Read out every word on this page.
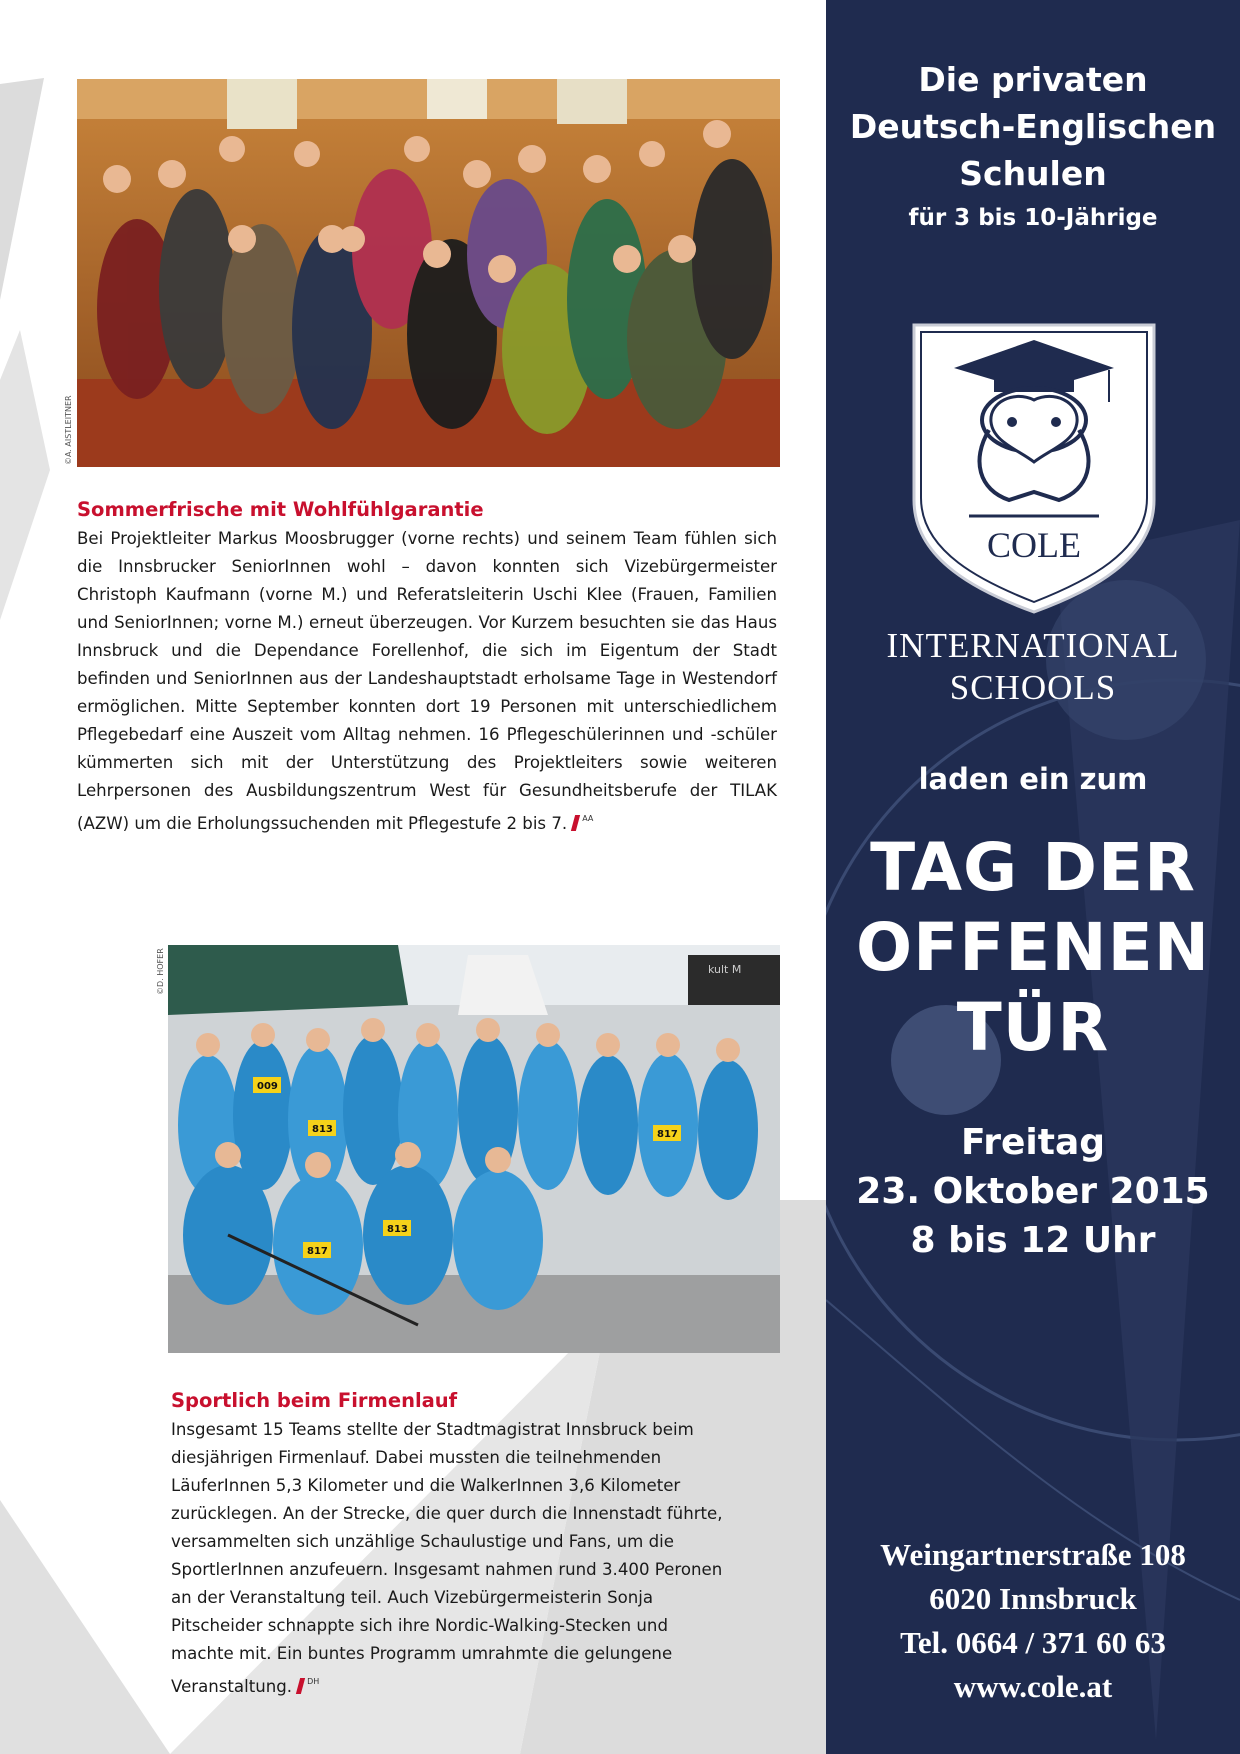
©A. AISTLEITNER
Sommerfrische mit Wohlfühlgarantie

Bei Projektleiter Markus Moosbrugger (vorne rechts) und seinem Team fühlen sich die Innsbrucker SeniorInnen wohl – davon konnten sich Vizebürgermeister Christoph Kaufmann (vorne M.) und Referatsleiterin Uschi Klee (Frauen, Familien und SeniorInnen; vorne M.) erneut überzeugen. Vor Kurzem besuchten sie das Haus Innsbruck und die Dependance Forellenhof, die sich im Eigentum der Stadt befinden und SeniorInnen aus der Landeshauptstadt erholsame Tage in Westendorf ermöglichen. Mitte September konnten dort 19 Personen mit unterschiedlichem Pflegebedarf eine Auszeit vom Alltag nehmen. 16 Pflegeschülerinnen und -schüler kümmerten sich mit der Unterstützung des Projektleiters sowie weiteren Lehrpersonen des Ausbildungszentrum West für Gesundheitsberufe der TILAK (AZW) um die Erholungssuchenden mit Pflegestufe 2 bis 7. $^{AA}$

kult M
009
813	817
813
817
©D. HOFER
Sportlich beim Firmenlauf

Insgesamt 15 Teams stellte der Stadtmagistrat Innsbruck beim diesjährigen Firmenlauf. Dabei mussten die teilnehmenden LäuferInnen 5,3 Kilometer und die WalkerInnen 3,6 Kilometer zurücklegen. An der Strecke, die quer durch die Innenstadt führte, versammelten sich unzählige Schaulustige und Fans, um die SportlerInnen anzufeuern. Insgesamt nahmen rund 3.400 Peronen an der Veranstaltung teil. Auch Vizebürgermeisterin Sonja Pitscheider schnappte sich ihre Nordic-Walking-Stecken und machte mit. Ein buntes Programm umrahmte die gelungene Veranstaltung. $^{DH}$

Die privaten
Deutsch-Englischen
Schulen
für 3 bis 10-Jährige
COLE
INTERNATIONAL
SCHOOLS
laden ein zum
TAG DER
OFFENEN
TÜR
Freitag
23. Oktober 2015
8 bis 12 Uhr
Weingartnerstraße 108
6020 Innsbruck
Tel. 0664 / 371 60 63
www.cole.at
